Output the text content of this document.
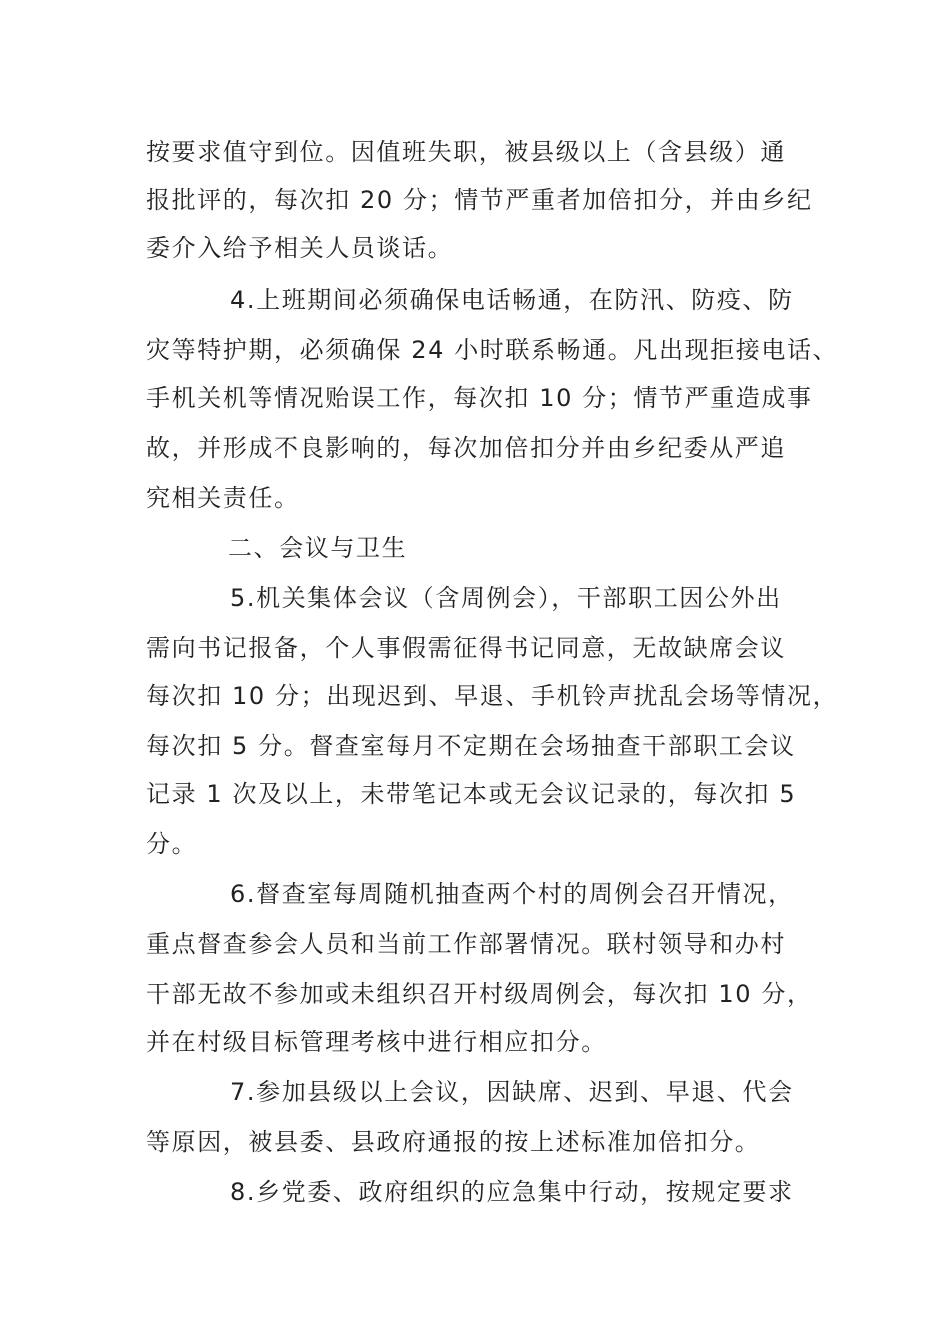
按要求值守到位。因值班失职，被县级以上（含县级）通
报批评的，每次扣 20 分；情节严重者加倍扣分，并由乡纪
委介入给予相关人员谈话。
4.上班期间必须确保电话畅通，在防汛、防疫、防
灾等特护期，必须确保 24 小时联系畅通。凡出现拒接电话、
手机关机等情况贻误工作，每次扣 10 分；情节严重造成事
故，并形成不良影响的，每次加倍扣分并由乡纪委从严追
究相关责任。
二、会议与卫生
5.机关集体会议（含周例会），干部职工因公外出
需向书记报备，个人事假需征得书记同意，无故缺席会议
每次扣 10 分；出现迟到、早退、手机铃声扰乱会场等情况，
每次扣 5 分。督查室每月不定期在会场抽查干部职工会议
记录 1 次及以上，未带笔记本或无会议记录的，每次扣 5
分。
6.督查室每周随机抽查两个村的周例会召开情况，
重点督查参会人员和当前工作部署情况。联村领导和办村
干部无故不参加或未组织召开村级周例会，每次扣 10 分，
并在村级目标管理考核中进行相应扣分。
7.参加县级以上会议，因缺席、迟到、早退、代会
等原因，被县委、县政府通报的按上述标准加倍扣分。
8.乡党委、政府组织的应急集中行动，按规定要求
